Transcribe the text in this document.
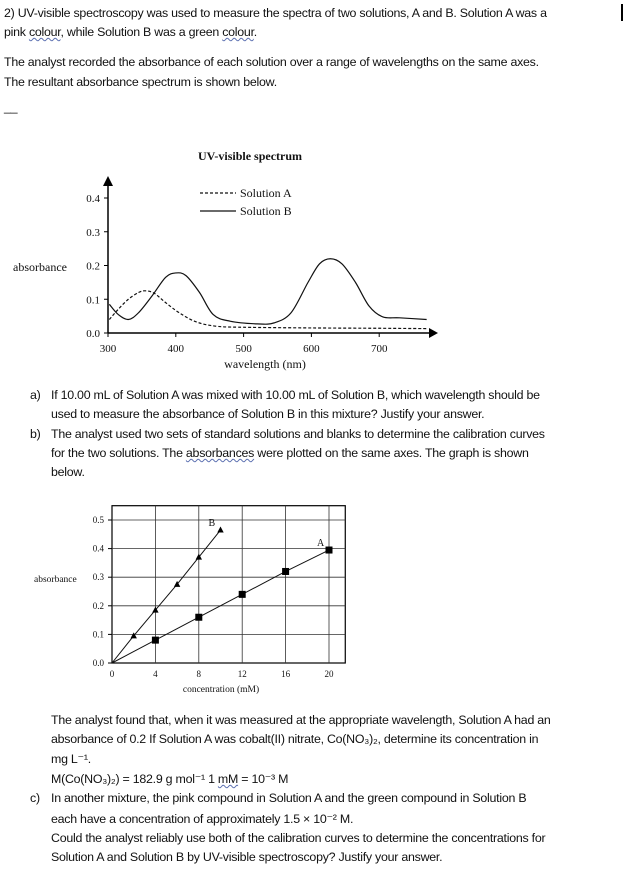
2) UV-visible spectroscopy was used to measure the spectra of two solutions, A and B. Solution A was a
pink colour, while Solution B was a green colour.
The analyst recorded the absorbance of each solution over a range of wavelengths on the same axes.
The resultant absorbance spectrum is shown below.
__
UV-visible spectrum
300	400	500	600	700
0.0
0.1
0.2
0.3
0.4
wavelength (nm)
absorbance
Solution A
Solution B
a) If 10.00 mL of Solution A was mixed with 10.00 mL of Solution B, which wavelength should be
used to measure the absorbance of Solution B in this mixture? Justify your answer.
b) The analyst used two sets of standard solutions and blanks to determine the calibration curves
for the two solutions. The absorbances were plotted on the same axes. The graph is shown
below.
0	4	8	12	16	20
0.0
0.1
0.2
0.3
0.4
0.5
concentration (mM)
absorbance
B
A
The analyst found that, when it was measured at the appropriate wavelength, Solution A had an
absorbance of 0.2 If Solution A was cobalt(II) nitrate, Co(NO₃)₂, determine its concentration in
mg L⁻¹.
M(Co(NO₃)₂) = 182.9 g mol⁻¹ 1 mM = 10⁻³ M
c) In another mixture, the pink compound in Solution A and the green compound in Solution B
each have a concentration of approximately 1.5 × 10⁻² M.
Could the analyst reliably use both of the calibration curves to determine the concentrations for
Solution A and Solution B by UV-visible spectroscopy? Justify your answer.
